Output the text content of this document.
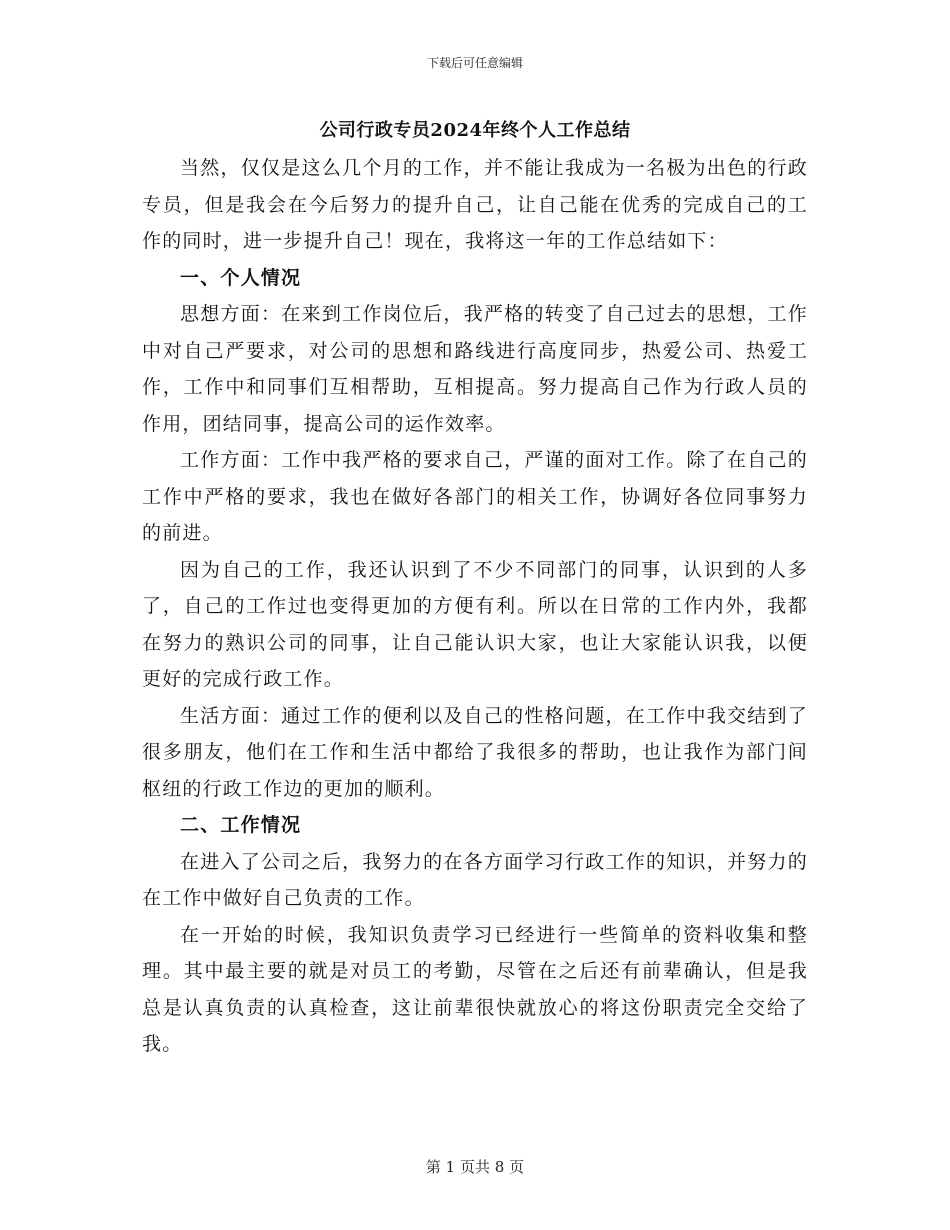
下载后可任意编辑
公司行政专员2024年终个人工作总结

当然，仅仅是这么几个月的工作，并不能让我成为一名极为出色的行政专员，但是我会在今后努力的提升自己，让自己能在优秀的完成自己的工作的同时，进一步提升自己！现在，我将这一年的工作总结如下：

一、个人情况

思想方面：在来到工作岗位后，我严格的转变了自己过去的思想，工作中对自己严要求，对公司的思想和路线进行高度同步，热爱公司、热爱工作，工作中和同事们互相帮助，互相提高。努力提高自己作为行政人员的作用，团结同事，提高公司的运作效率。

工作方面：工作中我严格的要求自己，严谨的面对工作。除了在自己的工作中严格的要求，我也在做好各部门的相关工作，协调好各位同事努力的前进。

因为自己的工作，我还认识到了不少不同部门的同事，认识到的人多了，自己的工作过也变得更加的方便有利。所以在日常的工作内外，我都在努力的熟识公司的同事，让自己能认识大家，也让大家能认识我，以便更好的完成行政工作。

生活方面：通过工作的便利以及自己的性格问题，在工作中我交结到了很多朋友，他们在工作和生活中都给了我很多的帮助，也让我作为部门间枢纽的行政工作边的更加的顺利。

二、工作情况

在进入了公司之后，我努力的在各方面学习行政工作的知识，并努力的在工作中做好自己负责的工作。

在一开始的时候，我知识负责学习已经进行一些简单的资料收集和整理。其中最主要的就是对员工的考勤，尽管在之后还有前辈确认，但是我总是认真负责的认真检查，这让前辈很快就放心的将这份职责完全交给了我。

第 1 页共 8 页
